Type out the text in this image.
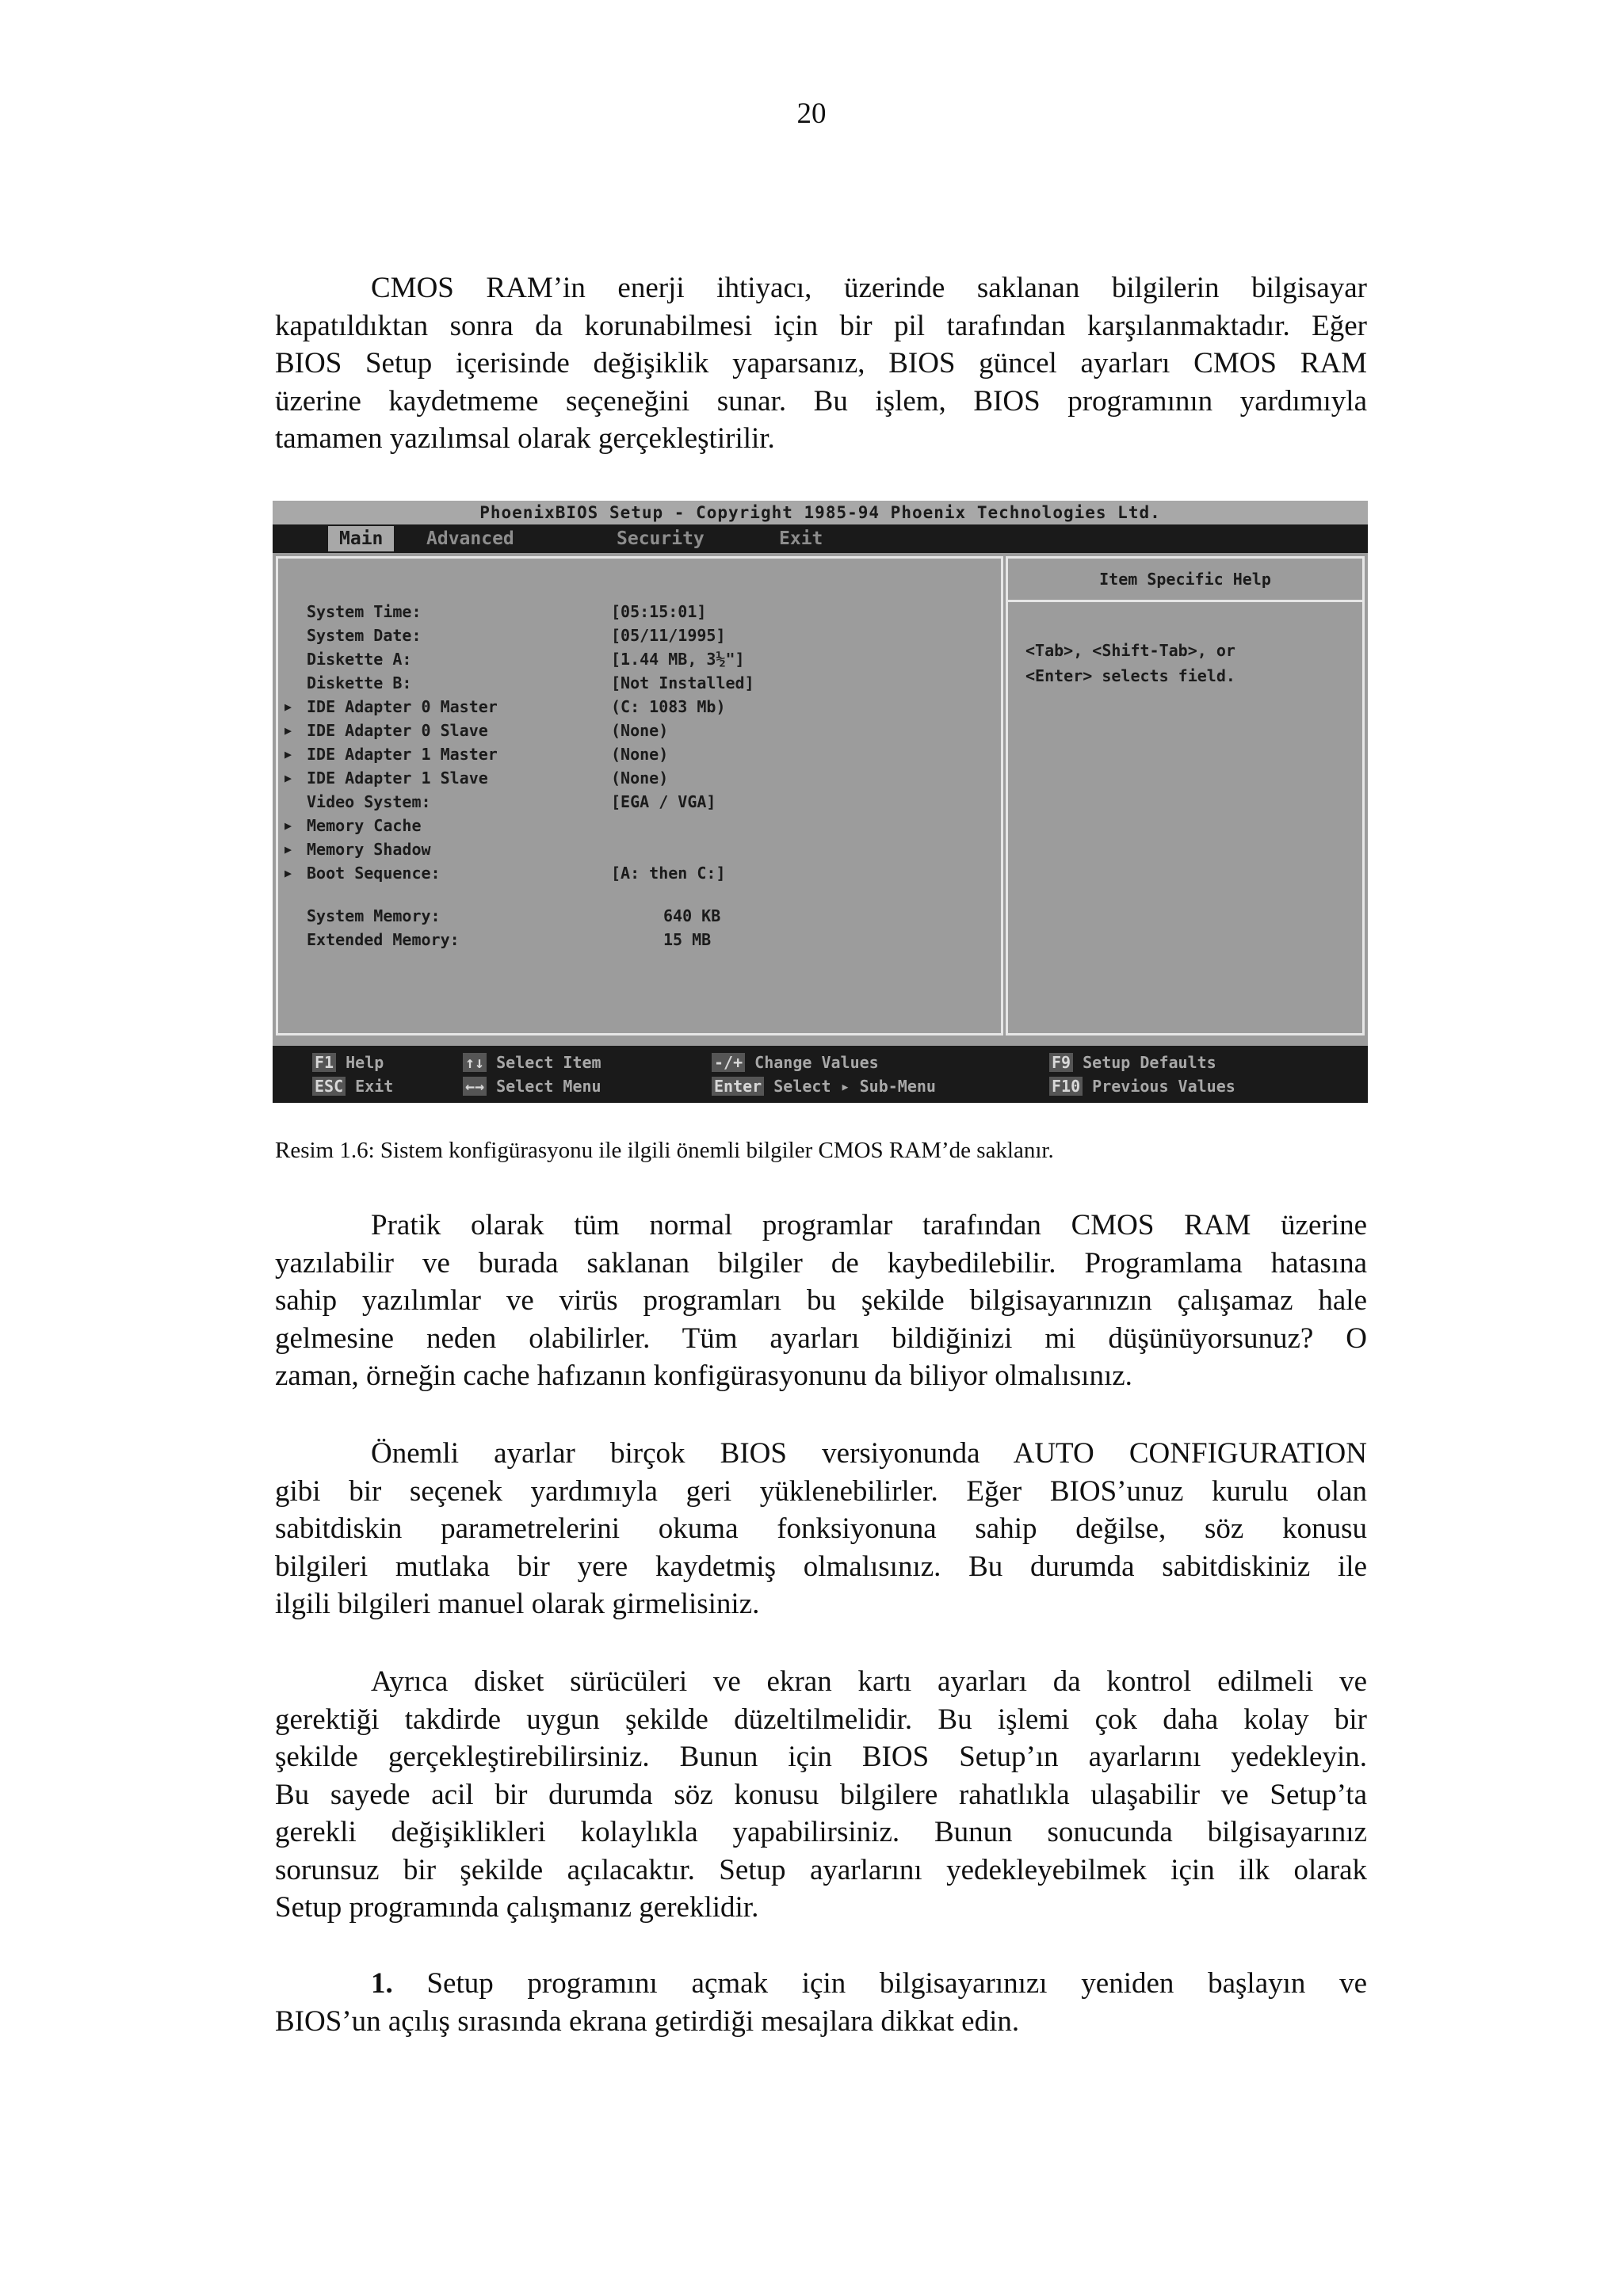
20
CMOS RAM’in enerji ihtiyacı, üzerinde saklanan bilgilerin bilgisayar
kapatıldıktan sonra da korunabilmesi için bir pil tarafından karşılanmaktadır. Eğer
BIOS Setup içerisinde değişiklik yaparsanız, BIOS güncel ayarları CMOS RAM
üzerine kaydetmeme seçeneğini sunar. Bu işlem, BIOS programının yardımıyla
tamamen yazılımsal olarak gerçekleştirilir.
PhoenixBIOS Setup - Copyright 1985-94 Phoenix Technologies Ltd.
Main	Advanced	Security	Exit
System Time:	[05:15:01]
System Date:	[05/11/1995]
Diskette A:	[1.44 MB, 3½"]
Diskette B:	[Not Installed]
▶ IDE Adapter 0 Master	(C: 1083 Mb)
▶ IDE Adapter 0 Slave	(None)
▶ IDE Adapter 1 Master	(None)
▶ IDE Adapter 1 Slave	(None)
Video System:	[EGA / VGA]
▶ Memory Cache
▶ Memory Shadow
▶ Boot Sequence:	[A: then C:]
System Memory:	640 KB
Extended Memory:	15 MB
Item Specific Help
<Tab>, <Shift-Tab>, or
<Enter> selects field.
F1 Help	↑↓ Select Item	-/+ Change Values	F9 Setup Defaults
ESC Exit	←→ Select Menu	Enter Select ▸ Sub-Menu	F10 Previous Values
Resim 1.6: Sistem konfigürasyonu ile ilgili önemli bilgiler CMOS RAM’de saklanır.
Pratik olarak tüm normal programlar tarafından CMOS RAM üzerine
yazılabilir ve burada saklanan bilgiler de kaybedilebilir. Programlama hatasına
sahip yazılımlar ve virüs programları bu şekilde bilgisayarınızın çalışamaz hale
gelmesine neden olabilirler. Tüm ayarları bildiğinizi mi düşünüyorsunuz? O
zaman, örneğin cache hafızanın konfigürasyonunu da biliyor olmalısınız.
Önemli ayarlar birçok BIOS versiyonunda AUTO CONFIGURATION
gibi bir seçenek yardımıyla geri yüklenebilirler. Eğer BIOS’unuz kurulu olan
sabitdiskin parametrelerini okuma fonksiyonuna sahip değilse, söz konusu
bilgileri mutlaka bir yere kaydetmiş olmalısınız. Bu durumda sabitdiskiniz ile
ilgili bilgileri manuel olarak girmelisiniz.
Ayrıca disket sürücüleri ve ekran kartı ayarları da kontrol edilmeli ve
gerektiği takdirde uygun şekilde düzeltilmelidir. Bu işlemi çok daha kolay bir
şekilde gerçekleştirebilirsiniz. Bunun için BIOS Setup’ın ayarlarını yedekleyin.
Bu sayede acil bir durumda söz konusu bilgilere rahatlıkla ulaşabilir ve Setup’ta
gerekli değişiklikleri kolaylıkla yapabilirsiniz. Bunun sonucunda bilgisayarınız
sorunsuz bir şekilde açılacaktır. Setup ayarlarını yedekleyebilmek için ilk olarak
Setup programında çalışmanız gereklidir.
1. Setup programını açmak için bilgisayarınızı yeniden başlayın ve
BIOS’un açılış sırasında ekrana getirdiği mesajlara dikkat edin.
